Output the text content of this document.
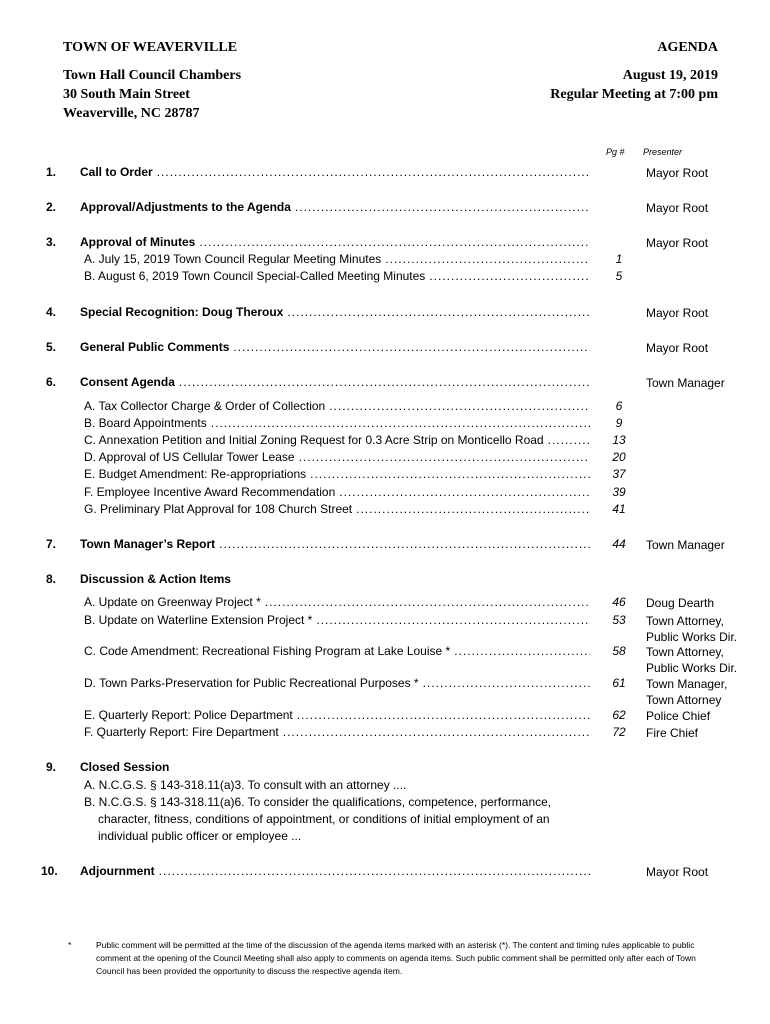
TOWN OF WEAVERVILLE
Town Hall Council Chambers
30 South Main Street
Weaverville, NC 28787
AGENDA
August 19, 2019
Regular Meeting at 7:00 pm
Pg # Presenter
1.	Call to Order .....	Mayor Root
2.	Approval/Adjustments to the Agenda .....	Mayor Root
3.	Approval of Minutes .....	Mayor Root
A. July 15, 2019 Town Council Regular Meeting Minutes .....	1
B. August 6, 2019 Town Council Special-Called Meeting Minutes .....	5
4.	Special Recognition: Doug Theroux .....	Mayor Root
5.	General Public Comments .....	Mayor Root
6.	Consent Agenda .....	Town Manager
A. Tax Collector Charge & Order of Collection .....	6
B. Board Appointments .....	9
C. Annexation Petition and Initial Zoning Request for 0.3 Acre Strip on Monticello Road .....	13
D. Approval of US Cellular Tower Lease .....	20
E. Budget Amendment: Re-appropriations .....	37
F. Employee Incentive Award Recommendation .....	39
G. Preliminary Plat Approval for 108 Church Street .....	41
7.	Town Manager’s Report .....	44	Town Manager
8.	Discussion & Action Items
A. Update on Greenway Project * .....	46	Doug Dearth
B. Update on Waterline Extension Project * .....	53	Town Attorney,
Public Works Dir.
C. Code Amendment: Recreational Fishing Program at Lake Louise * .....	58	Town Attorney,
Public Works Dir.
D. Town Parks-Preservation for Public Recreational Purposes * .....	61	Town Manager,
Town Attorney
E. Quarterly Report: Police Department .....	62	Police Chief
F. Quarterly Report: Fire Department .....	72	Fire Chief
9.	Closed Session
A. N.C.G.S. § 143-318.11(a)3. To consult with an attorney ....
B. N.C.G.S. § 143-318.11(a)6. To consider the qualifications, competence, performance,
character, fitness, conditions of appointment, or conditions of initial employment of an
individual public officer or employee ...
10.	Adjournment .....	Mayor Root
*	Public comment will be permitted at the time of the discussion of the agenda items marked with an asterisk (*). The content and timing rules applicable to public comment at the opening of the Council Meeting shall also apply to comments on agenda items. Such public comment shall be permitted only after each of Town Council has been provided the opportunity to discuss the respective agenda item.
